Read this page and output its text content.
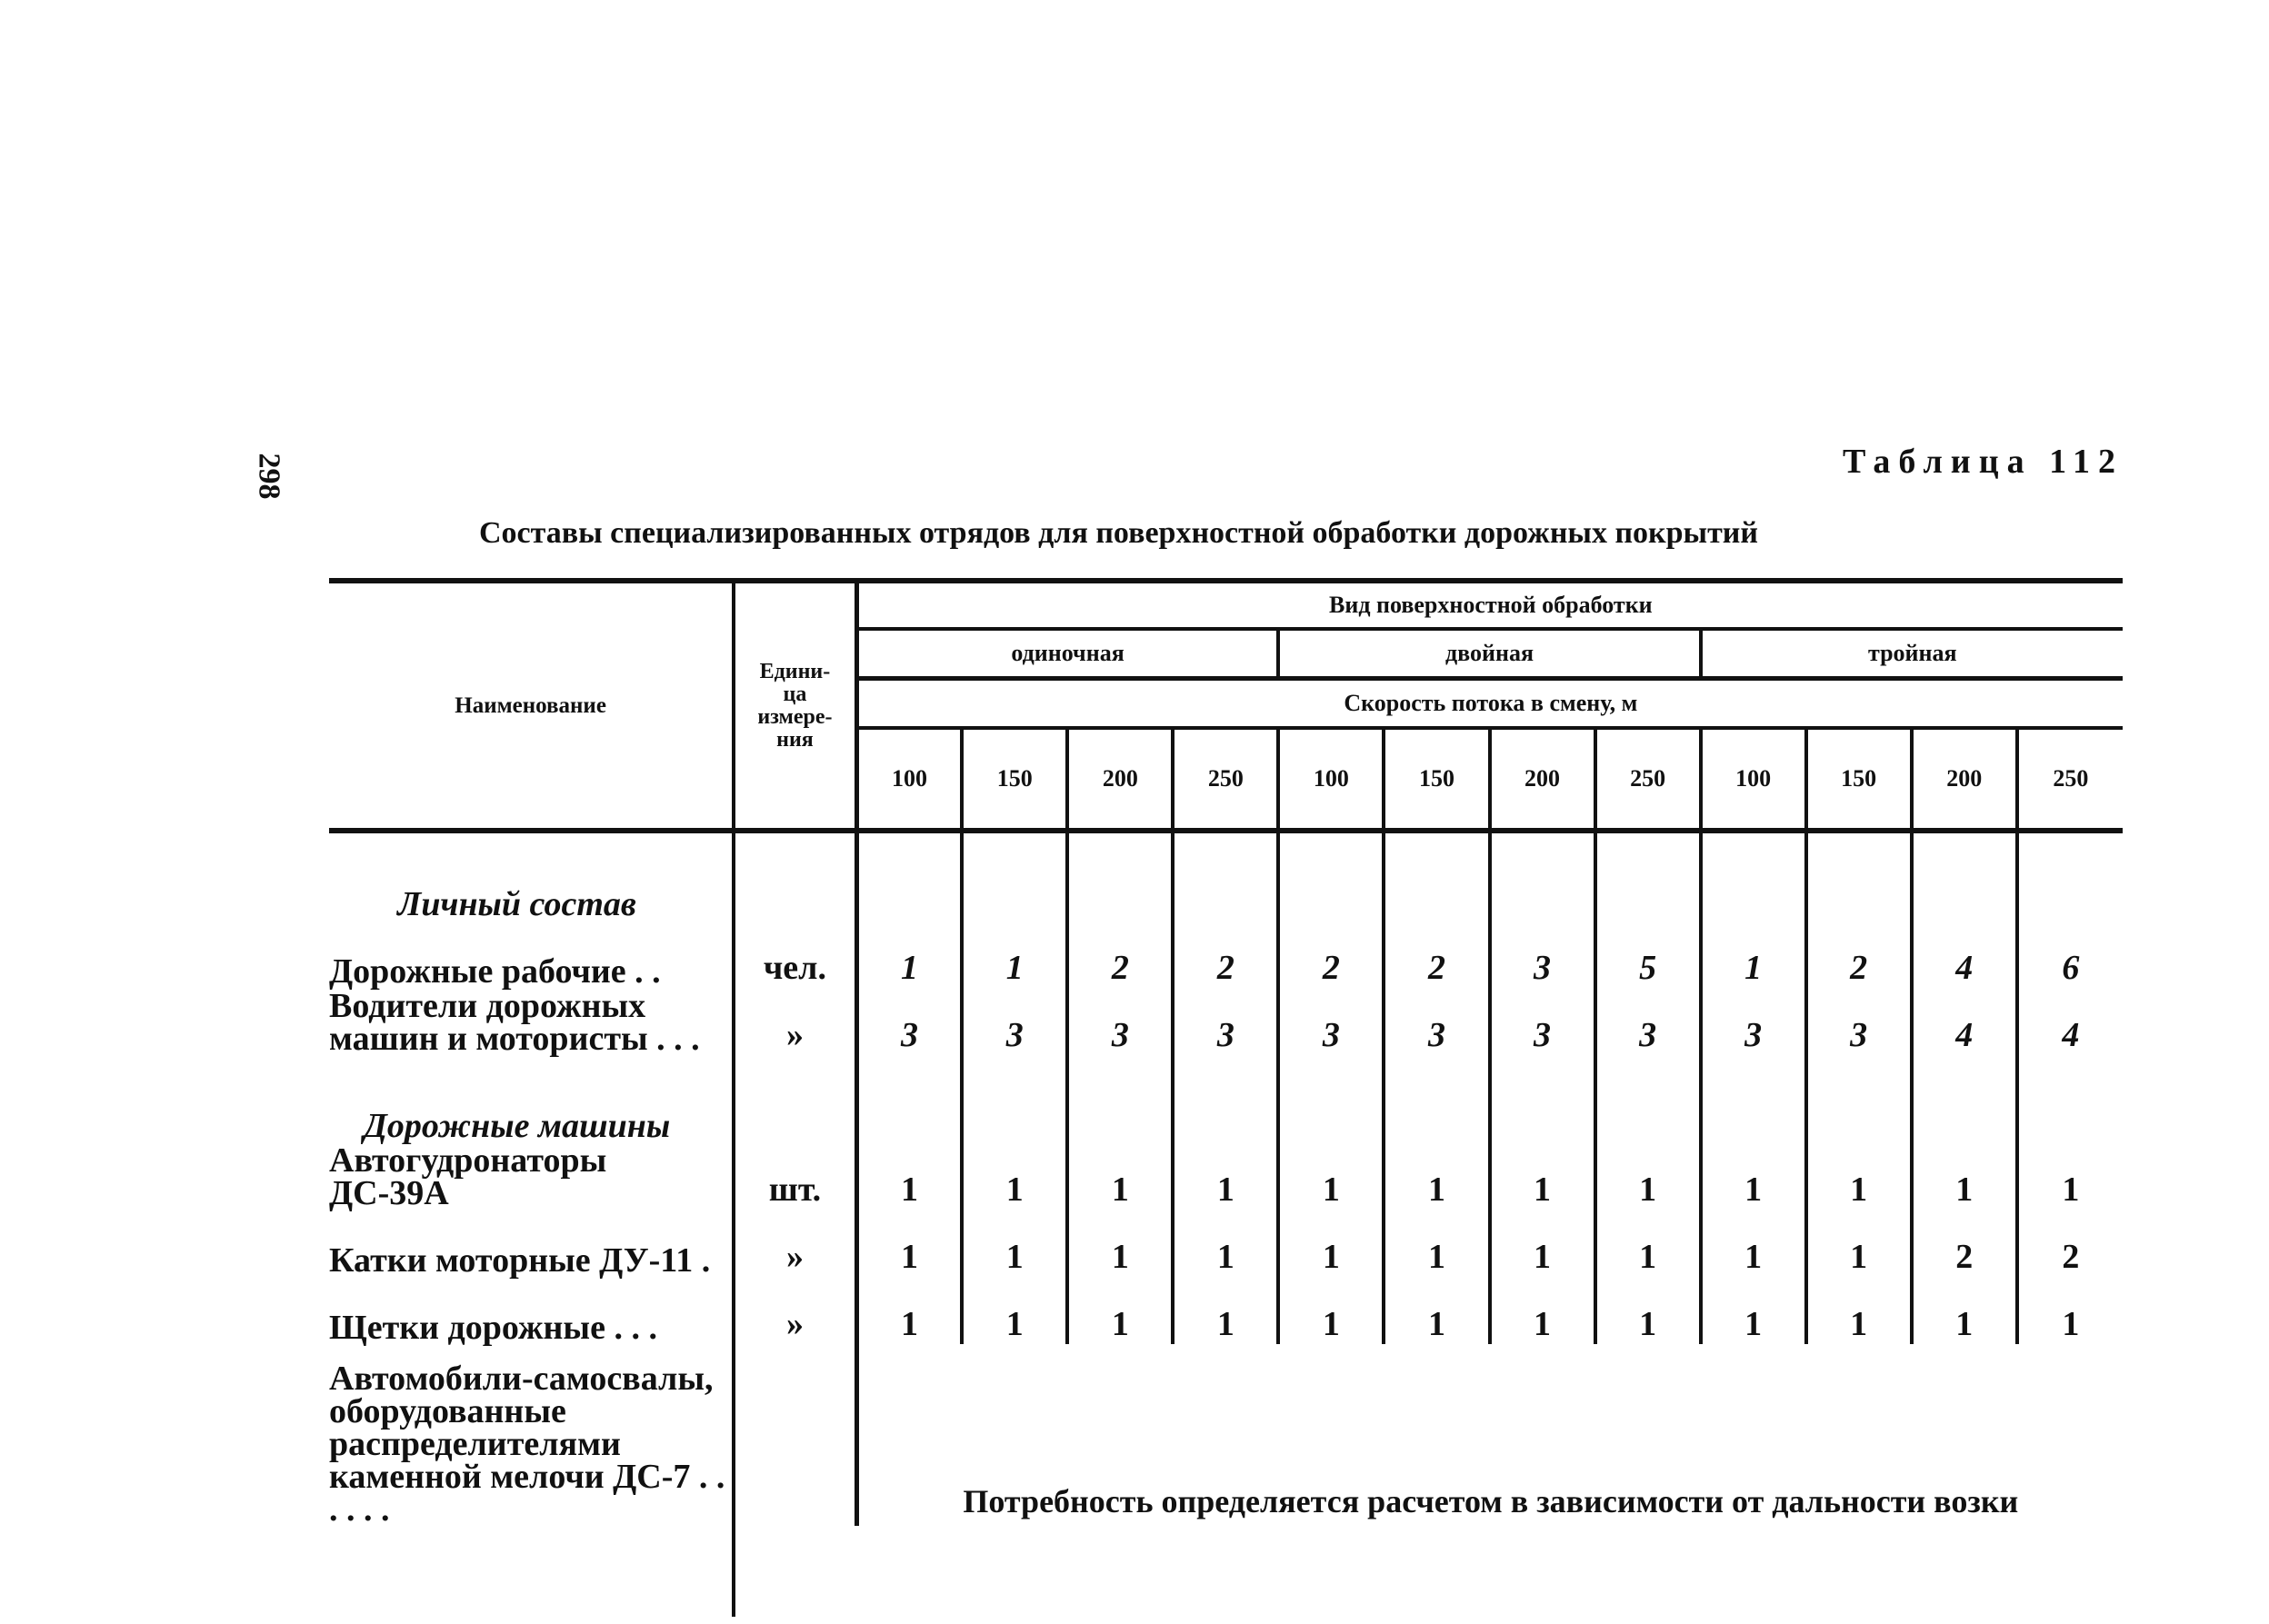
298	Таблица 112
Составы специализированных отрядов для поверхностной обработки дорожных покрытий
Наименование	Едини-
ца
измере-
ния	Вид поверхностной обработки											
		одиночная				двойная				тройная			
		Скорость потока в смену, м											
		100	150	200	250	100	150	200	250	100	150	200	250
Личный состав													
Дорожные рабочие . .	чел.	1	1	2	2	2	2	3	5	1	2	4	6
Водители дорожных машин и мотористы . . .	»	3	3	3	3	3	3	3	3	3	3	4	4
Дорожные машины													
Автогудронаторы ДС-39А	шт.	1	1	1	1	1	1	1	1	1	1	1	1
Катки моторные ДУ-11 .	»	1	1	1	1	1	1	1	1	1	1	2	2
Щетки дорожные . . .	»	1	1	1	1	1	1	1	1	1	1	1	1
Автомобили-самосвалы, оборудованные распределителями каменной мелочи ДС-7 . . . . . .		Потребность определяется расчетом в зависимости от дальности возки											
